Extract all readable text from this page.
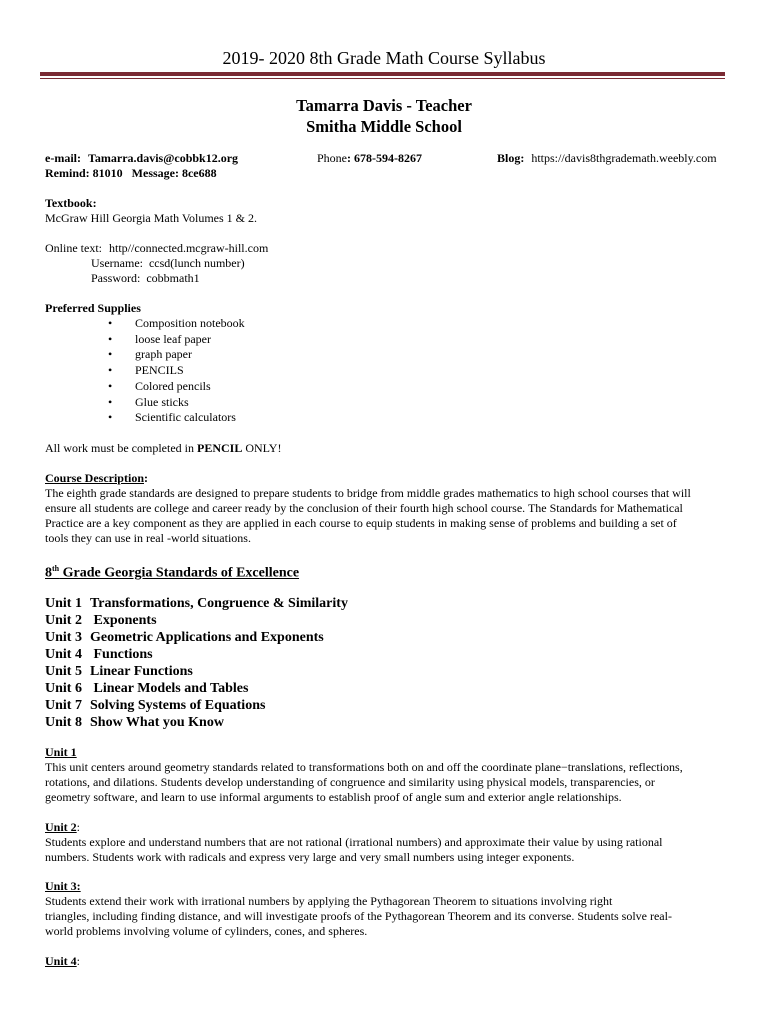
2019- 2020 8th Grade Math Course Syllabus
Tamarra Davis - Teacher
Smitha Middle School
e-mail: Tamarra.davis@cobbk12.org	Phone: 678-594-8267	Blog: https://davis8thgrademath.weebly.com
Remind: 81010   Message: 8ce688
Textbook:
McGraw Hill Georgia Math Volumes 1 & 2.
Online text: http//connected.mcgraw-hill.com
Username:  ccsd(lunch number)
Password:  cobbmath1
Preferred Supplies
• Composition notebook
• loose leaf paper
• graph paper
• PENCILS
• Colored pencils
• Glue sticks
• Scientific calculators
All work must be completed in PENCIL ONLY!
Course Description:
The eighth grade standards are designed to prepare students to bridge from middle grades mathematics to high school courses that will
ensure all students are college and career ready by the conclusion of their fourth high school course. The Standards for Mathematical
Practice are a key component as they are applied in each course to equip students in making sense of problems and building a set of
tools they can use in real -world situations.
8th Grade Georgia Standards of Excellence
Unit 1 Transformations, Congruence & Similarity
Unit 2 Exponents
Unit 3 Geometric Applications and Exponents
Unit 4 Functions
Unit 5 Linear Functions
Unit 6 Linear Models and Tables
Unit 7 Solving Systems of Equations
Unit 8 Show What you Know
Unit 1
This unit centers around geometry standards related to transformations both on and off the coordinate plane−translations, reflections,
rotations, and dilations. Students develop understanding of congruence and similarity using physical models, transparencies, or
geometry software, and learn to use informal arguments to establish proof of angle sum and exterior angle relationships.
Unit 2:
Students explore and understand numbers that are not rational (irrational numbers) and approximate their value by using rational
numbers. Students work with radicals and express very large and very small numbers using integer exponents.
Unit 3:
Students extend their work with irrational numbers by applying the Pythagorean Theorem to situations involving right
triangles, including finding distance, and will investigate proofs of the Pythagorean Theorem and its converse. Students solve real-
world problems involving volume of cylinders, cones, and spheres.
Unit 4:
